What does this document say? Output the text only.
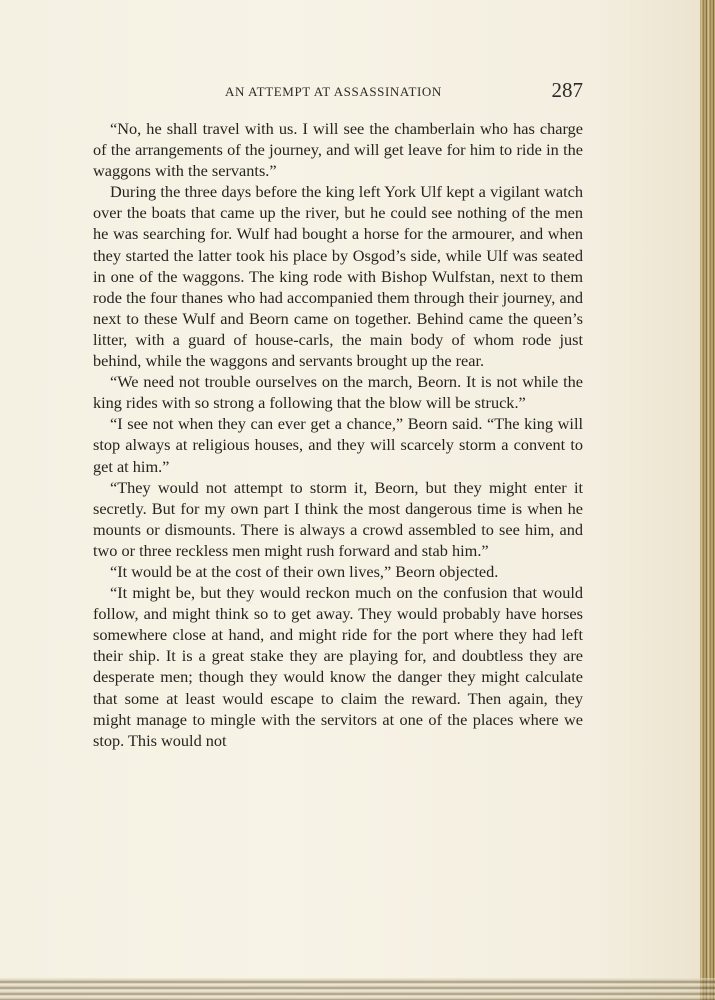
AN ATTEMPT AT ASSASSINATION	287

“No, he shall travel with us. I will see the chamberlain who has charge of the arrangements of the journey, and will get leave for him to ride in the waggons with the servants.”

During the three days before the king left York Ulf kept a vigilant watch over the boats that came up the river, but he could see nothing of the men he was searching for. Wulf had bought a horse for the armourer, and when they started the latter took his place by Osgod’s side, while Ulf was seated in one of the waggons. The king rode with Bishop Wulfstan, next to them rode the four thanes who had accompanied them through their journey, and next to these Wulf and Beorn came on together. Behind came the queen’s litter, with a guard of house-carls, the main body of whom rode just behind, while the waggons and servants brought up the rear.

“We need not trouble ourselves on the march, Beorn. It is not while the king rides with so strong a following that the blow will be struck.”

“I see not when they can ever get a chance,” Beorn said. “The king will stop always at religious houses, and they will scarcely storm a convent to get at him.”

“They would not attempt to storm it, Beorn, but they might enter it secretly. But for my own part I think the most dangerous time is when he mounts or dismounts. There is always a crowd assembled to see him, and two or three reckless men might rush forward and stab him.”

“It would be at the cost of their own lives,” Beorn objected.

“It might be, but they would reckon much on the confusion that would follow, and might think so to get away. They would probably have horses somewhere close at hand, and might ride for the port where they had left their ship. It is a great stake they are playing for, and doubtless they are desperate men; though they would know the danger they might calculate that some at least would escape to claim the reward. Then again, they might manage to mingle with the servitors at one of the places where we stop. This would not
